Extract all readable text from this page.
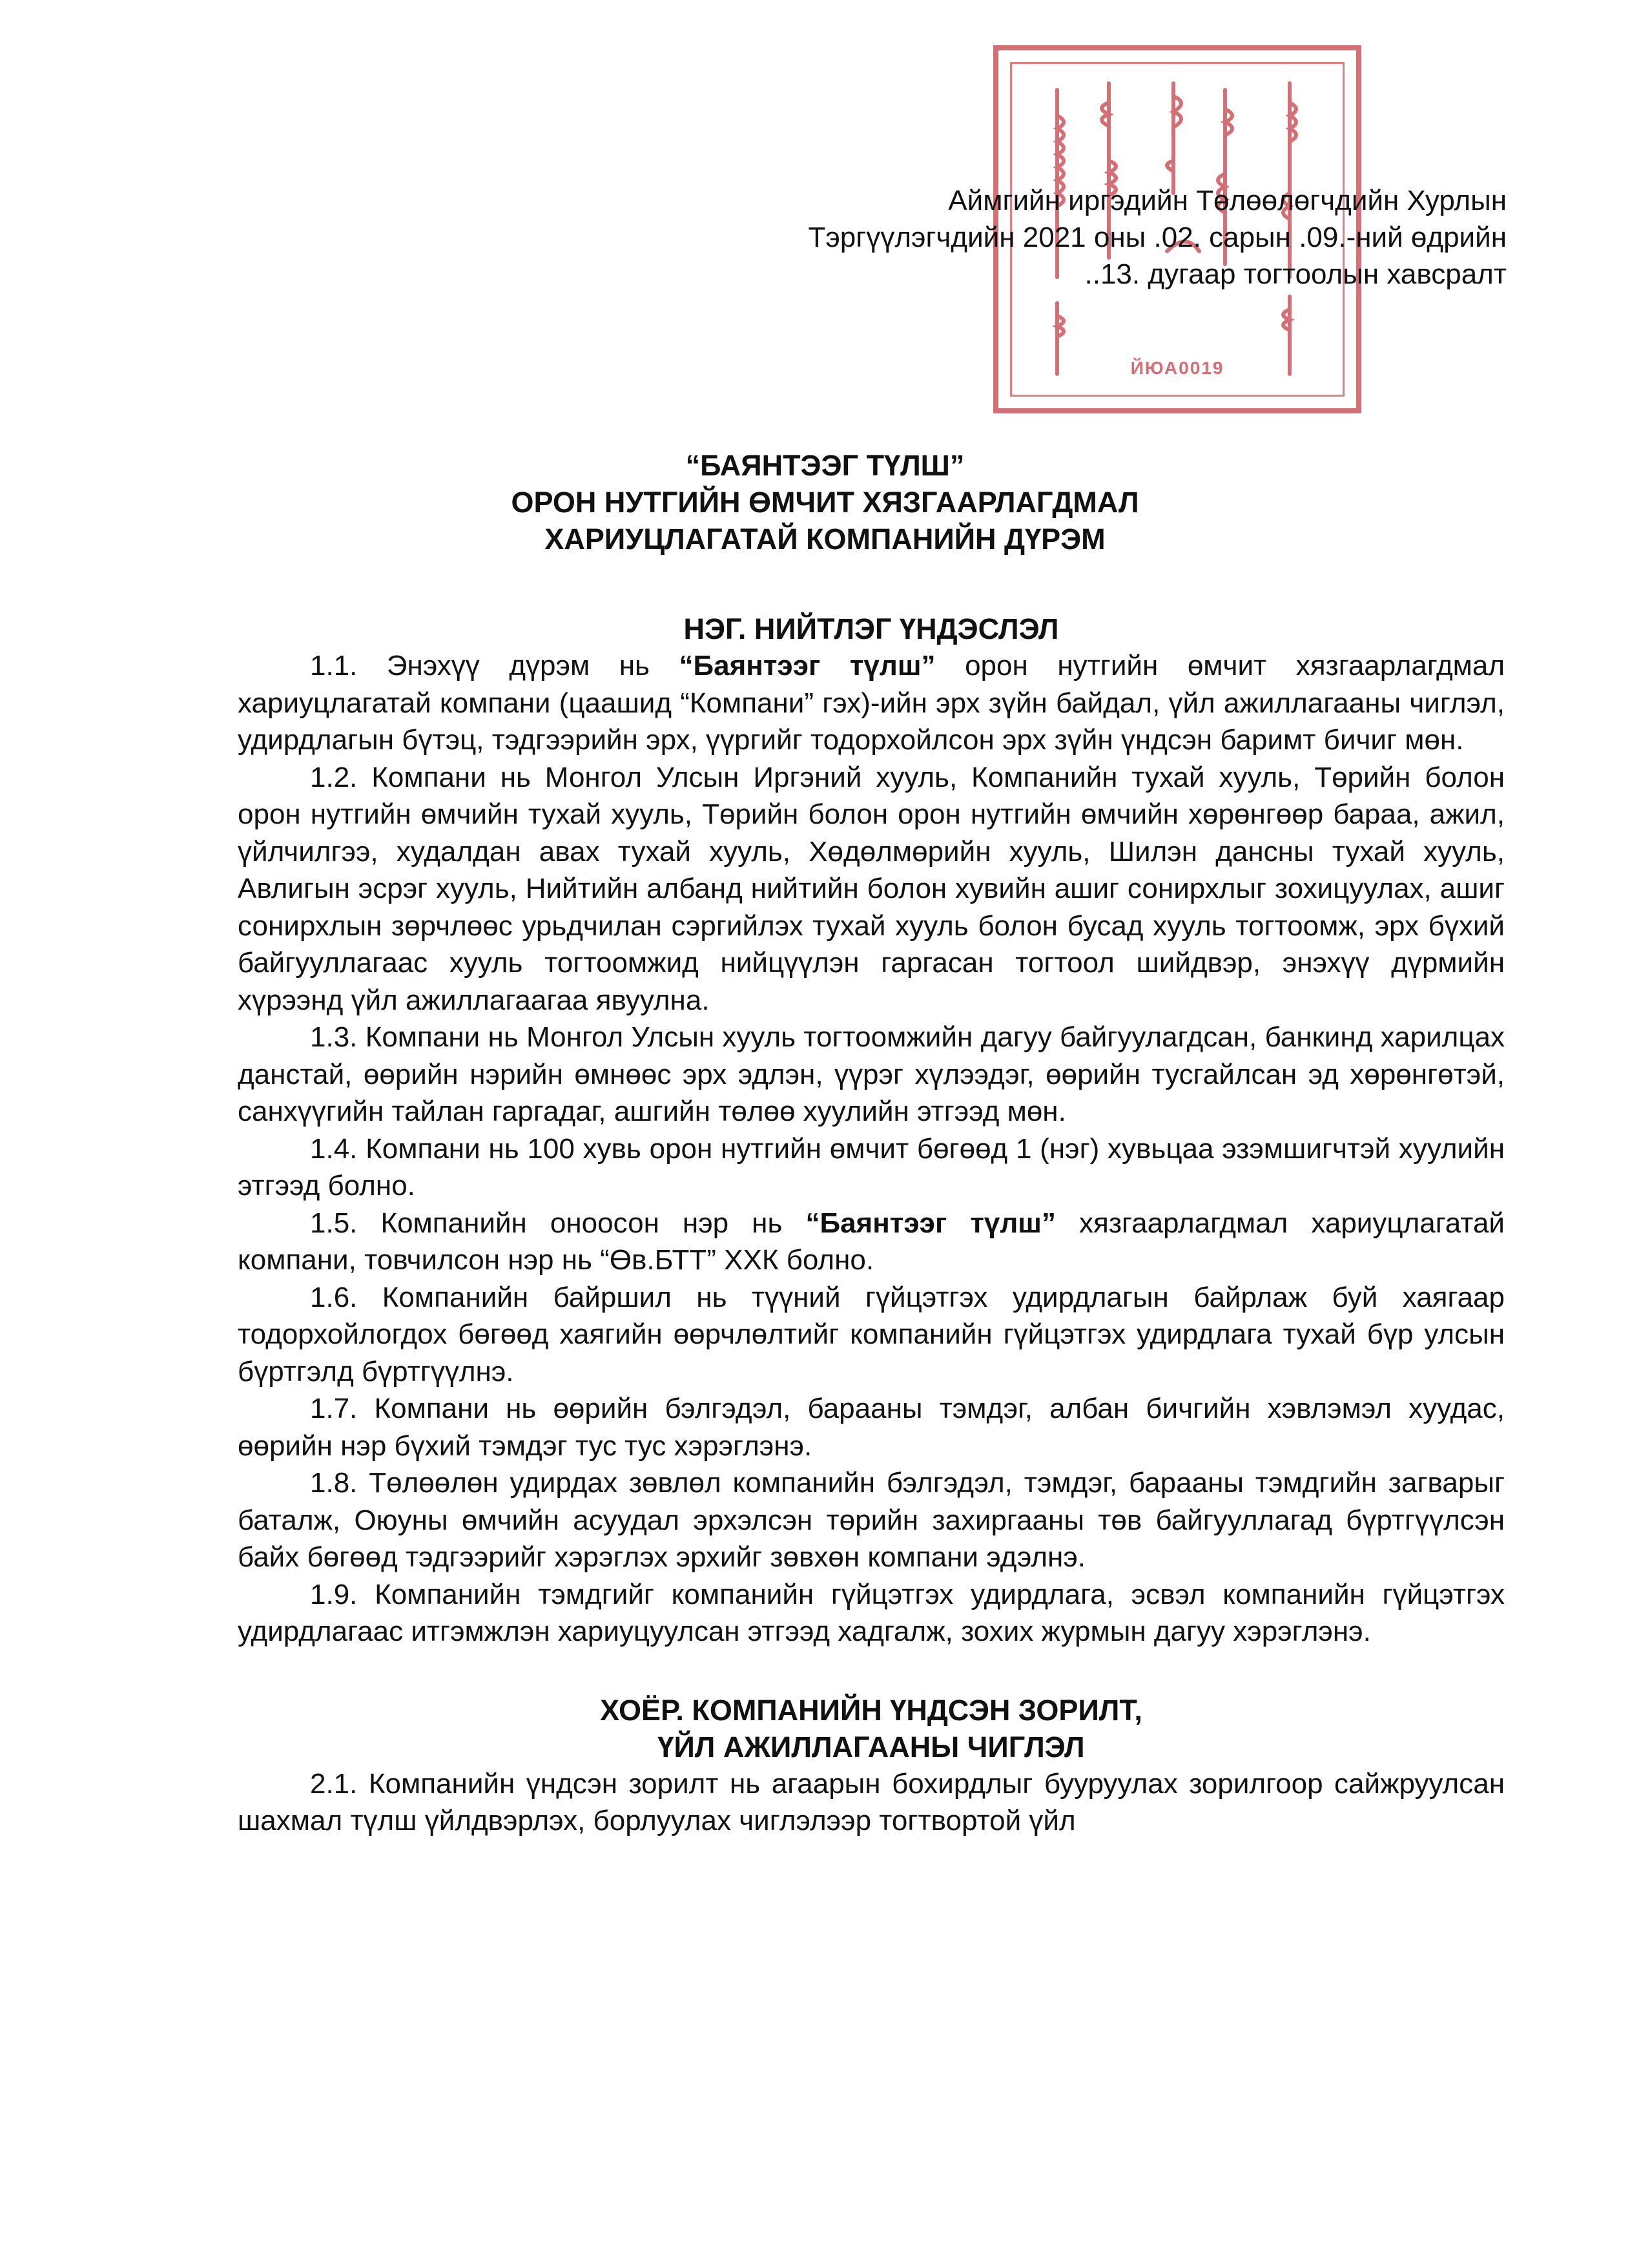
ЙЮА0019
Аймгийн иргэдийн Төлөөлөгчдийн Хурлын
Тэргүүлэгчдийн 2021 оны .02. сарын .09.-ний өдрийн
..13. дугаар тогтоолын хавсралт
“БАЯНТЭЭГ ТҮЛШ”
ОРОН НУТГИЙН ӨМЧИТ ХЯЗГААРЛАГДМАЛ
ХАРИУЦЛАГАТАЙ КОМПАНИЙН ДҮРЭМ
НЭГ. НИЙТЛЭГ ҮНДЭСЛЭЛ

1.1. Энэхүү дүрэм нь “Баянтээг түлш” орон нутгийн өмчит хязгаарлагдмал хариуцлагатай компани (цаашид “Компани” гэх)-ийн эрх зүйн байдал, үйл ажиллагааны чиглэл, удирдлагын бүтэц, тэдгээрийн эрх, үүргийг тодорхойлсон эрх зүйн үндсэн баримт бичиг мөн.

1.2. Компани нь Монгол Улсын Иргэний хууль, Компанийн тухай хууль, Төрийн болон орон нутгийн өмчийн тухай хууль, Төрийн болон орон нутгийн өмчийн хөрөнгөөр бараа, ажил, үйлчилгээ, худалдан авах тухай хууль, Хөдөлмөрийн хууль, Шилэн дансны тухай хууль, Авлигын эсрэг хууль, Нийтийн албанд нийтийн болон хувийн ашиг сонирхлыг зохицуулах, ашиг сонирхлын зөрчлөөс урьдчилан сэргийлэх тухай хууль болон бусад хууль тогтоомж, эрх бүхий байгууллагаас хууль тогтоомжид нийцүүлэн гаргасан тогтоол шийдвэр, энэхүү дүрмийн хүрээнд үйл ажиллагаагаа явуулна.

1.3. Компани нь Монгол Улсын хууль тогтоомжийн дагуу байгуулагдсан, банкинд харилцах данстай, өөрийн нэрийн өмнөөс эрх эдлэн, үүрэг хүлээдэг, өөрийн тусгайлсан эд хөрөнгөтэй, санхүүгийн тайлан гаргадаг, ашгийн төлөө хуулийн этгээд мөн.

1.4. Компани нь 100 хувь орон нутгийн өмчит бөгөөд 1 (нэг) хувьцаа эзэмшигчтэй хуулийн этгээд болно.

1.5. Компанийн оноосон нэр нь “Баянтээг түлш” хязгаарлагдмал хариуцлагатай компани, товчилсон нэр нь “Өв.БТТ” ХХК болно.

1.6. Компанийн байршил нь түүний гүйцэтгэх удирдлагын байрлаж буй хаягаар тодорхойлогдох бөгөөд хаягийн өөрчлөлтийг компанийн гүйцэтгэх удирдлага тухай бүр улсын бүртгэлд бүртгүүлнэ.

1.7. Компани нь өөрийн бэлгэдэл, барааны тэмдэг, албан бичгийн хэвлэмэл хуудас, өөрийн нэр бүхий тэмдэг тус тус хэрэглэнэ.

1.8. Төлөөлөн удирдах зөвлөл компанийн бэлгэдэл, тэмдэг, барааны тэмдгийн загварыг баталж, Оюуны өмчийн асуудал эрхэлсэн төрийн захиргааны төв байгууллагад бүртгүүлсэн байх бөгөөд тэдгээрийг хэрэглэх эрхийг зөвхөн компани эдэлнэ.

1.9. Компанийн тэмдгийг компанийн гүйцэтгэх удирдлага, эсвэл компанийн гүйцэтгэх удирдлагаас итгэмжлэн хариуцуулсан этгээд хадгалж, зохих журмын дагуу хэрэглэнэ.

ХОЁР. КОМПАНИЙН ҮНДСЭН ЗОРИЛТ,
ҮЙЛ АЖИЛЛАГААНЫ ЧИГЛЭЛ

2.1. Компанийн үндсэн зорилт нь агаарын бохирдлыг бууруулах зорилгоор сайжруулсан шахмал түлш үйлдвэрлэх, борлуулах чиглэлээр тогтвортой үйл
